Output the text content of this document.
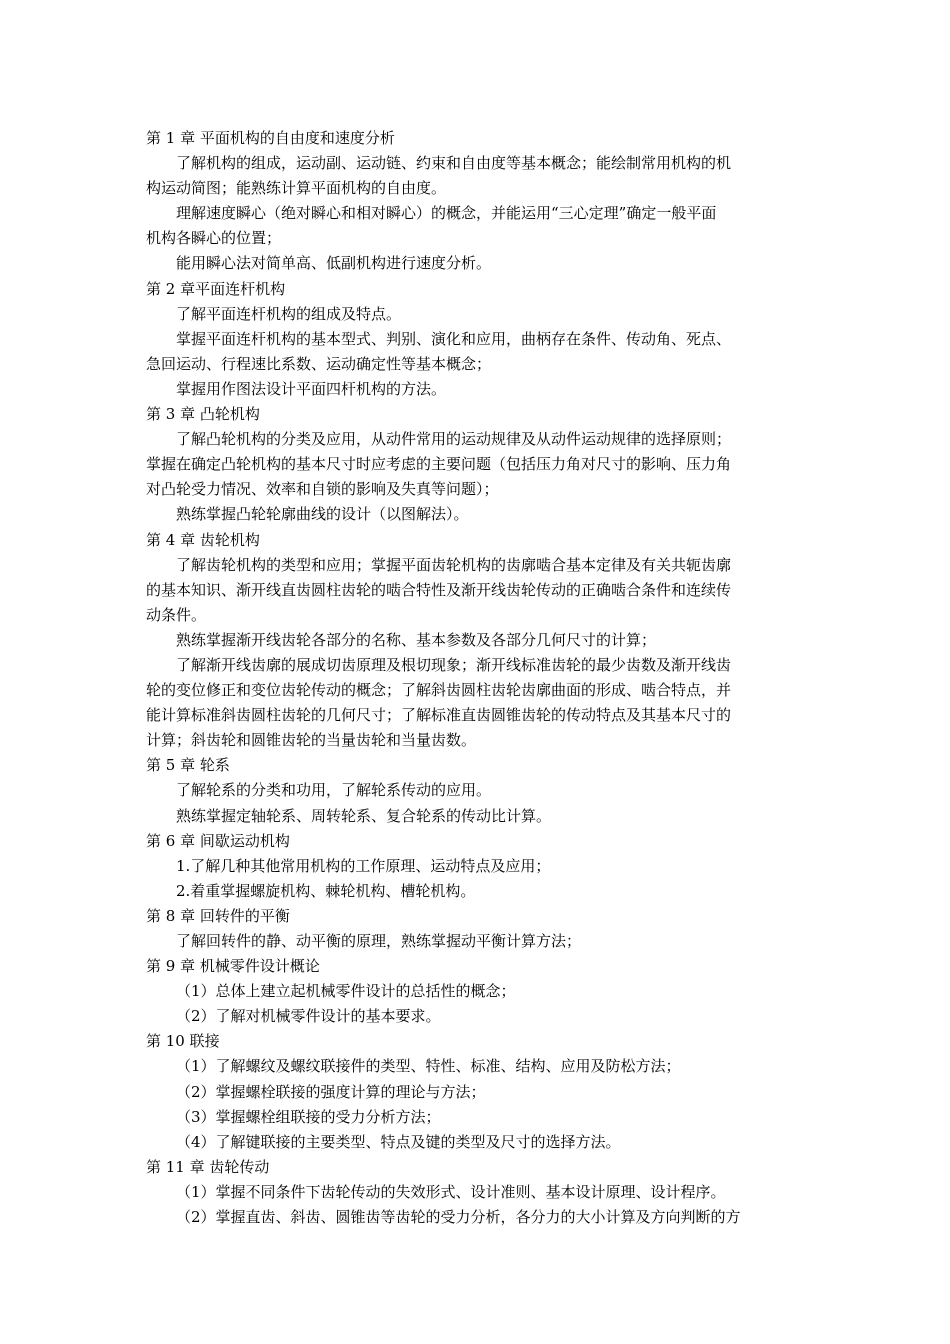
第 1 章 平面机构的自由度和速度分析
了解机构的组成，运动副、运动链、约束和自由度等基本概念；能绘制常用机构的机
构运动简图；能熟练计算平面机构的自由度。
理解速度瞬心（绝对瞬心和相对瞬心）的概念，并能运用“三心定理”确定一般平面
机构各瞬心的位置；
能用瞬心法对简单高、低副机构进行速度分析。
第 2 章平面连杆机构
了解平面连杆机构的组成及特点。
掌握平面连杆机构的基本型式、判别、演化和应用，曲柄存在条件、传动角、死点、
急回运动、行程速比系数、运动确定性等基本概念；
掌握用作图法设计平面四杆机构的方法。
第 3 章 凸轮机构
了解凸轮机构的分类及应用，从动件常用的运动规律及从动件运动规律的选择原则；
掌握在确定凸轮机构的基本尺寸时应考虑的主要问题（包括压力角对尺寸的影响、压力角
对凸轮受力情况、效率和自锁的影响及失真等问题）；
熟练掌握凸轮轮廓曲线的设计（以图解法）。
第 4 章 齿轮机构
了解齿轮机构的类型和应用；掌握平面齿轮机构的齿廓啮合基本定律及有关共轭齿廓
的基本知识、渐开线直齿圆柱齿轮的啮合特性及渐开线齿轮传动的正确啮合条件和连续传
动条件。
熟练掌握渐开线齿轮各部分的名称、基本参数及各部分几何尺寸的计算；
了解渐开线齿廓的展成切齿原理及根切现象；渐开线标准齿轮的最少齿数及渐开线齿
轮的变位修正和变位齿轮传动的概念；了解斜齿圆柱齿轮齿廓曲面的形成、啮合特点，并
能计算标准斜齿圆柱齿轮的几何尺寸；了解标准直齿圆锥齿轮的传动特点及其基本尺寸的
计算；斜齿轮和圆锥齿轮的当量齿轮和当量齿数。
第 5 章 轮系
了解轮系的分类和功用，了解轮系传动的应用。
熟练掌握定轴轮系、周转轮系、复合轮系的传动比计算。
第 6 章 间歇运动机构
1.了解几种其他常用机构的工作原理、运动特点及应用；
2.着重掌握螺旋机构、棘轮机构、槽轮机构。
第 8 章 回转件的平衡
了解回转件的静、动平衡的原理，熟练掌握动平衡计算方法；
第 9 章 机械零件设计概论
（1）总体上建立起机械零件设计的总括性的概念；
（2）了解对机械零件设计的基本要求。
第 10 联接
（1）了解螺纹及螺纹联接件的类型、特性、标准、结构、应用及防松方法；
（2）掌握螺栓联接的强度计算的理论与方法；
（3）掌握螺栓组联接的受力分析方法；
（4）了解键联接的主要类型、特点及键的类型及尺寸的选择方法。
第 11 章 齿轮传动
（1）掌握不同条件下齿轮传动的失效形式、设计准则、基本设计原理、设计程序。
（2）掌握直齿、斜齿、圆锥齿等齿轮的受力分析，各分力的大小计算及方向判断的方
